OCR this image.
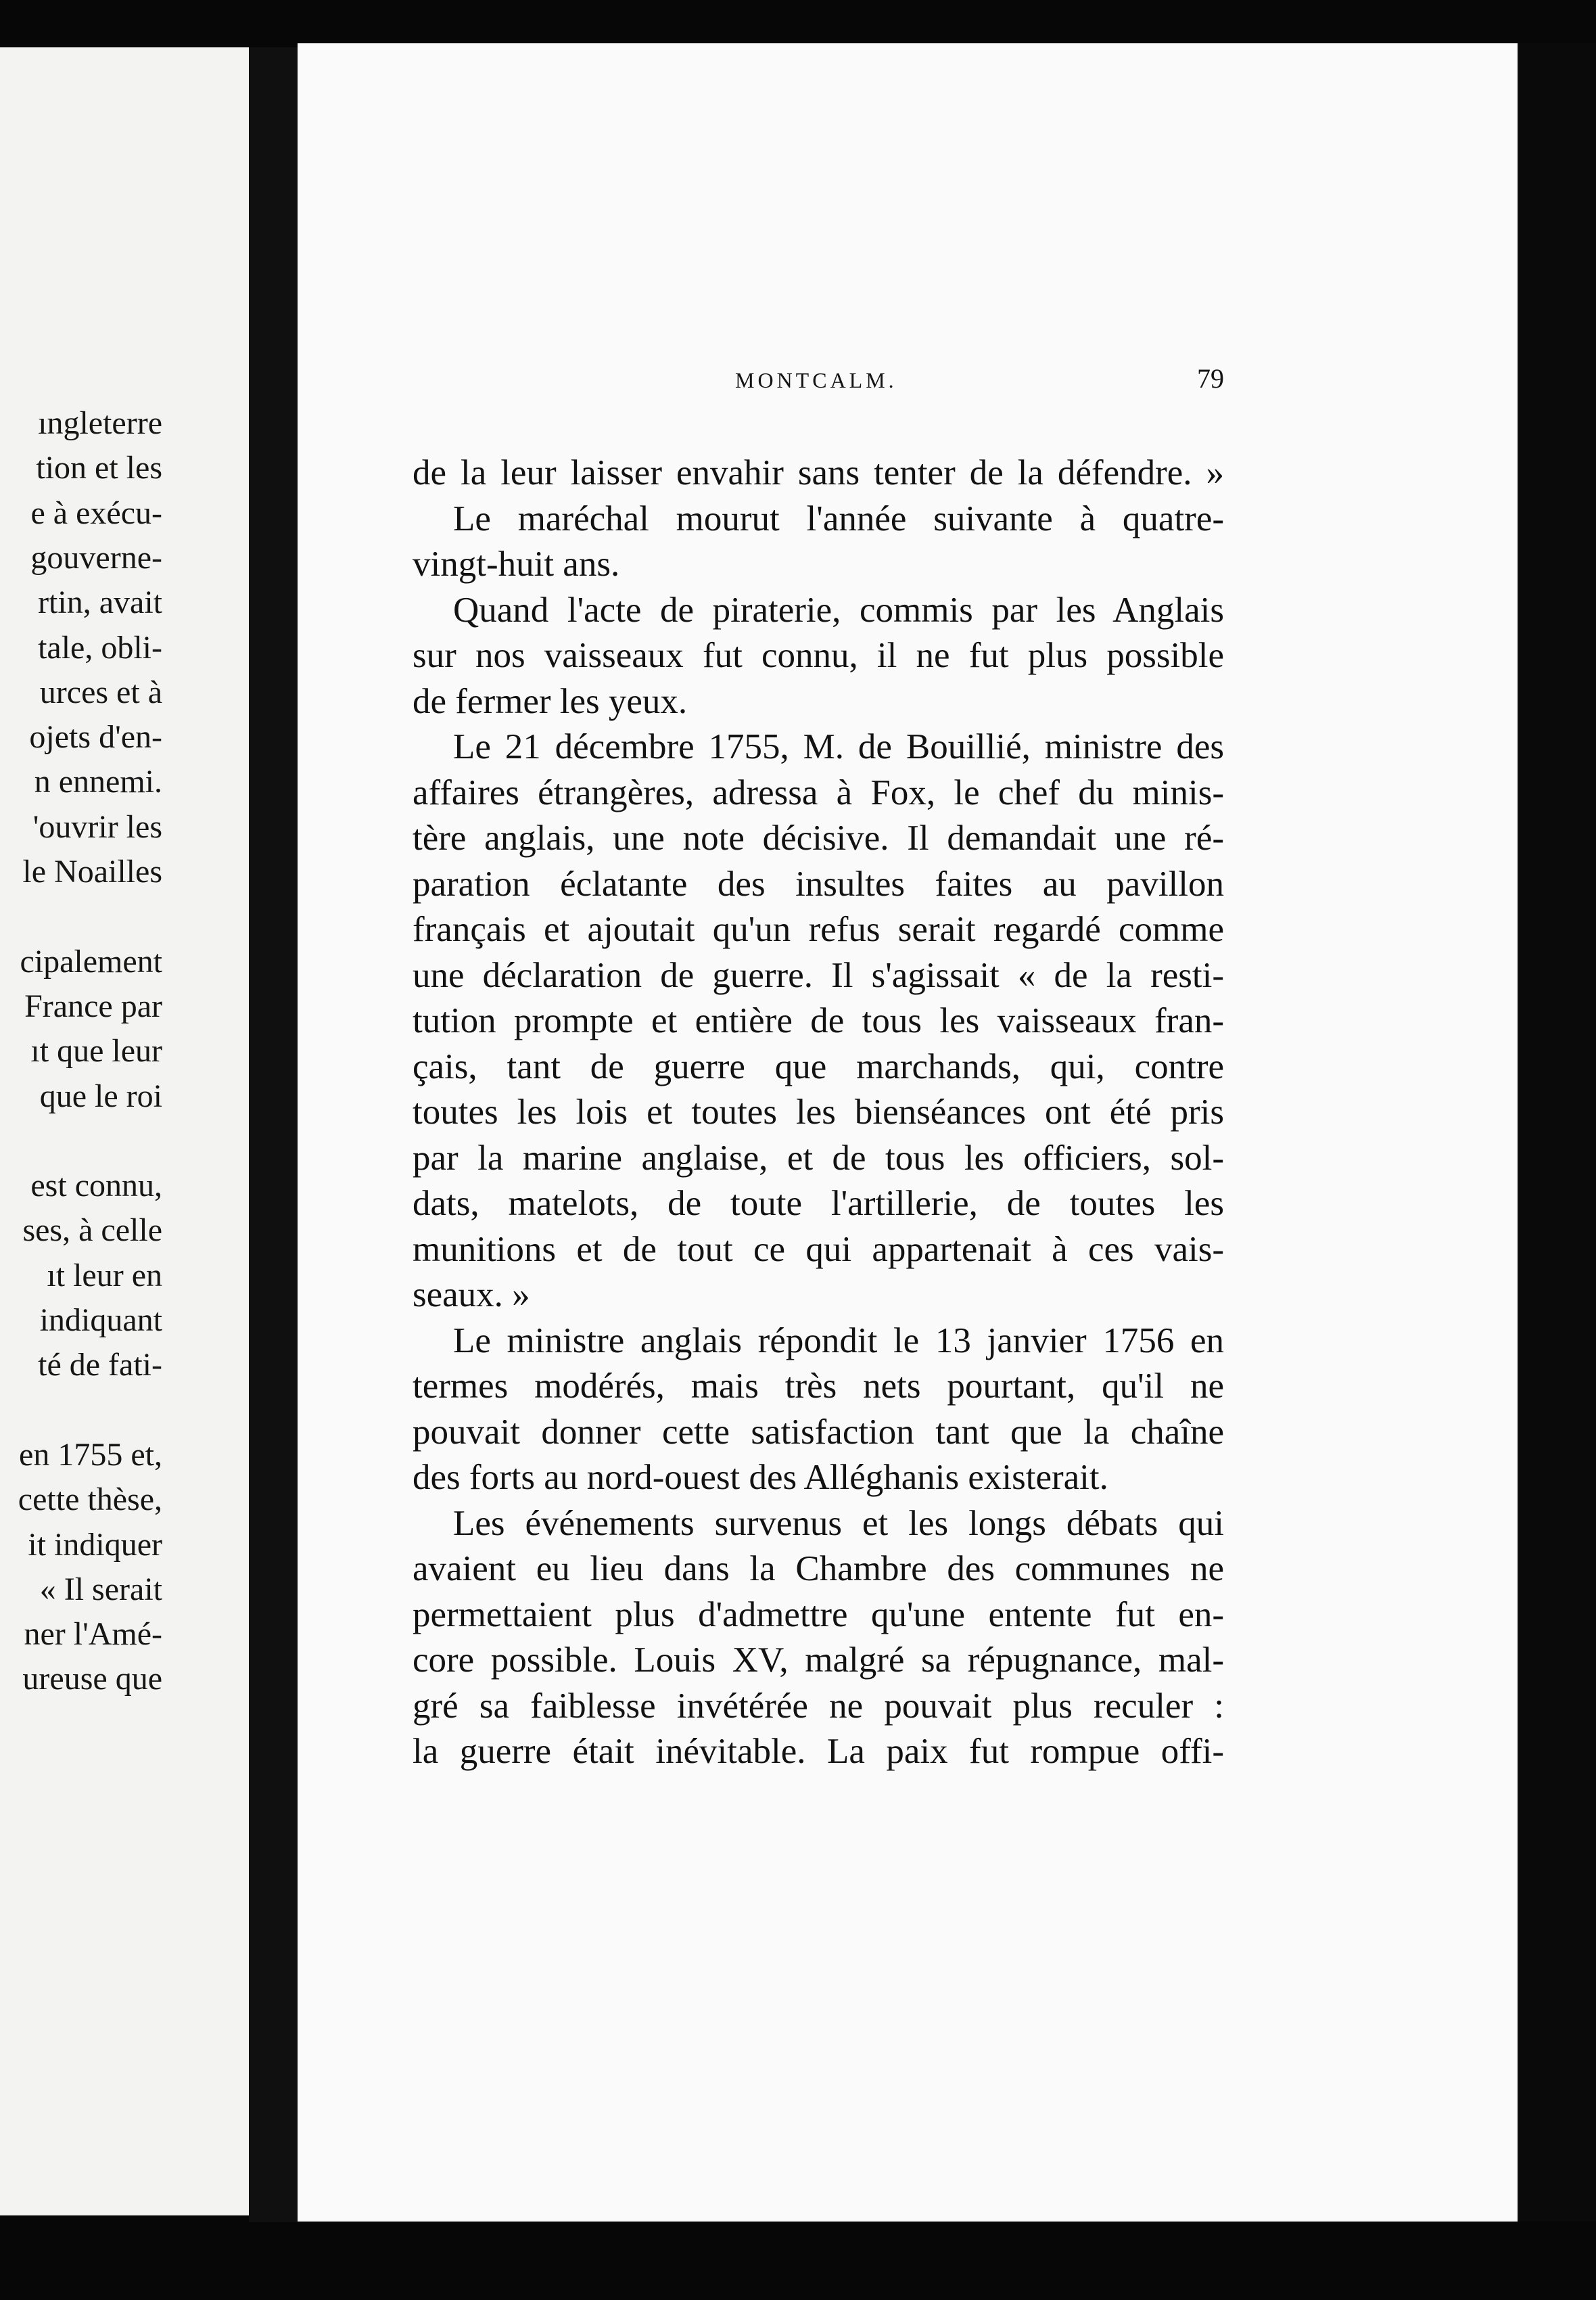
ıngleterre
tion et les
e à exécu-
gouverne-
rtin, avait
tale, obli-
urces et à
ojets d'en-
n ennemi.
'ouvrir les
le Noailles
cipalement
France par
ıt que leur
que le roi
est connu,
ses, à celle
ıt leur en
indiquant
té de fati-
en 1755 et,
cette thèse,
it indiquer
« Il serait
ner l'Amé-
ureuse que
MONTCALM.	79
de la leur laisser envahir sans tenter de la défendre. »
Le maréchal mourut l'année suivante à quatre-
vingt-huit ans.
Quand l'acte de piraterie, commis par les Anglais
sur nos vaisseaux fut connu, il ne fut plus possible
de fermer les yeux.
Le 21 décembre 1755, M. de Bouillié, ministre des
affaires étrangères, adressa à Fox, le chef du minis-
tère anglais, une note décisive. Il demandait une ré-
paration éclatante des insultes faites au pavillon
français et ajoutait qu'un refus serait regardé comme
une déclaration de guerre. Il s'agissait « de la resti-
tution prompte et entière de tous les vaisseaux fran-
çais, tant de guerre que marchands, qui, contre
toutes les lois et toutes les bienséances ont été pris
par la marine anglaise, et de tous les officiers, sol-
dats, matelots, de toute l'artillerie, de toutes les
munitions et de tout ce qui appartenait à ces vais-
seaux. »
Le ministre anglais répondit le 13 janvier 1756 en
termes modérés, mais très nets pourtant, qu'il ne
pouvait donner cette satisfaction tant que la chaîne
des forts au nord-ouest des Alléghanis existerait.
Les événements survenus et les longs débats qui
avaient eu lieu dans la Chambre des communes ne
permettaient plus d'admettre qu'une entente fut en-
core possible. Louis XV, malgré sa répugnance, mal-
gré sa faiblesse invétérée ne pouvait plus reculer :
la guerre était inévitable. La paix fut rompue offi-
